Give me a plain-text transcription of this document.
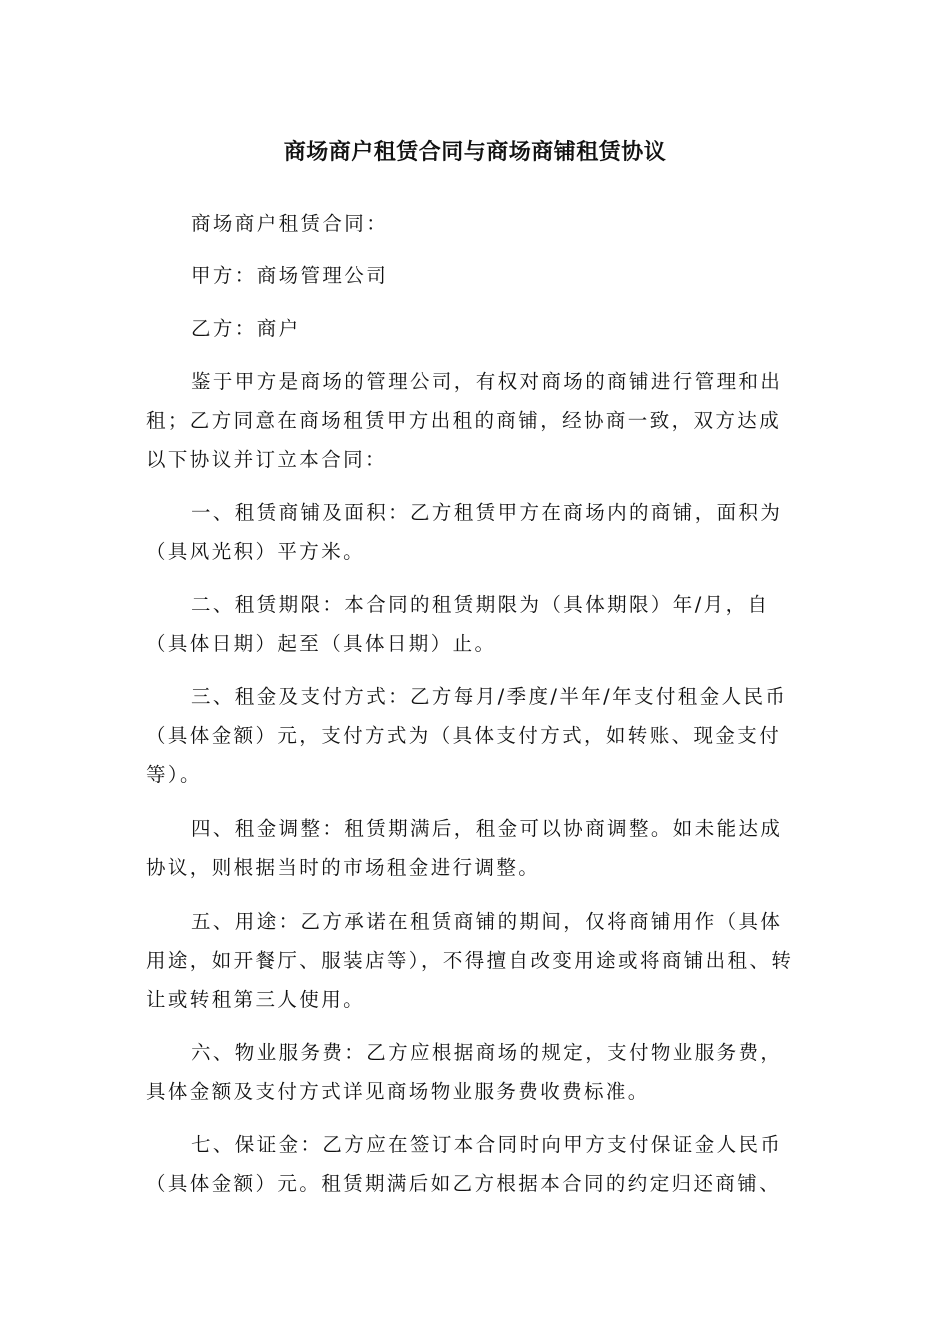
商场商户租赁合同与商场商铺租赁协议

商场商户租赁合同：

甲方：商场管理公司

乙方：商户

鉴于甲方是商场的管理公司，有权对商场的商铺进行管理和出租；乙方同意在商场租赁甲方出租的商铺，经协商一致，双方达成以下协议并订立本合同：

一、租赁商铺及面积：乙方租赁甲方在商场内的商铺，面积为（具风光积）平方米。

二、租赁期限：本合同的租赁期限为（具体期限）年/月，自（具体日期）起至（具体日期）止。

三、租金及支付方式：乙方每月/季度/半年/年支付租金人民币（具体金额）元，支付方式为（具体支付方式，如转账、现金支付等）。

四、租金调整：租赁期满后，租金可以协商调整。如未能达成协议，则根据当时的市场租金进行调整。

五、用途：乙方承诺在租赁商铺的期间，仅将商铺用作（具体用途，如开餐厅、服装店等），不得擅自改变用途或将商铺出租、转让或转租第三人使用。

六、物业服务费：乙方应根据商场的规定，支付物业服务费，具体金额及支付方式详见商场物业服务费收费标准。

七、保证金：乙方应在签订本合同时向甲方支付保证金人民币（具体金额）元。租赁期满后如乙方根据本合同的约定归还商铺、
